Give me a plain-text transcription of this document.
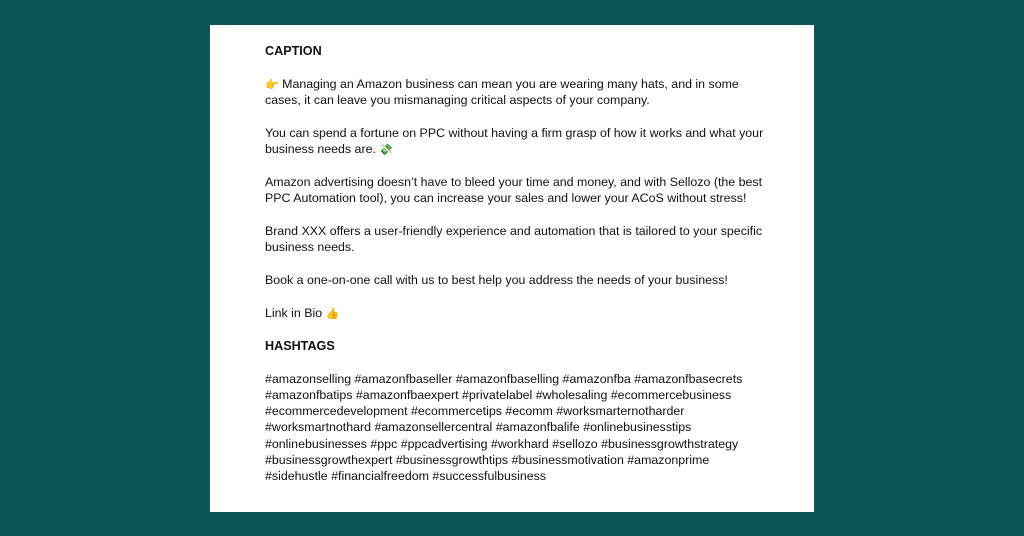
CAPTION

👉 Managing an Amazon business can mean you are wearing many hats, and in some cases, it can leave you mismanaging critical aspects of your company.

You can spend a fortune on PPC without having a firm grasp of how it works and what your business needs are. 💸

Amazon advertising doesn’t have to bleed your time and money, and with Sellozo (the best PPC Automation tool), you can increase your sales and lower your ACoS without stress!

Brand XXX offers a user-friendly experience and automation that is tailored to your specific business needs.

Book a one-on-one call with us to best help you address the needs of your business!

Link in Bio 👍

HASHTAGS

#amazonselling #amazonfbaseller #amazonfbaselling #amazonfba #amazonfbasecrets #amazonfbatips #amazonfbaexpert #privatelabel #wholesaling #ecommercebusiness #ecommercedevelopment #ecommercetips #ecomm #worksmarternotharder #worksmartnothard #amazonsellercentral #amazonfbalife #onlinebusinesstips #onlinebusinesses #ppc #ppcadvertising #workhard #sellozo #businessgrowthstrategy #businessgrowthexpert #businessgrowthtips #businessmotivation #amazonprime #sidehustle #financialfreedom #successfulbusiness
